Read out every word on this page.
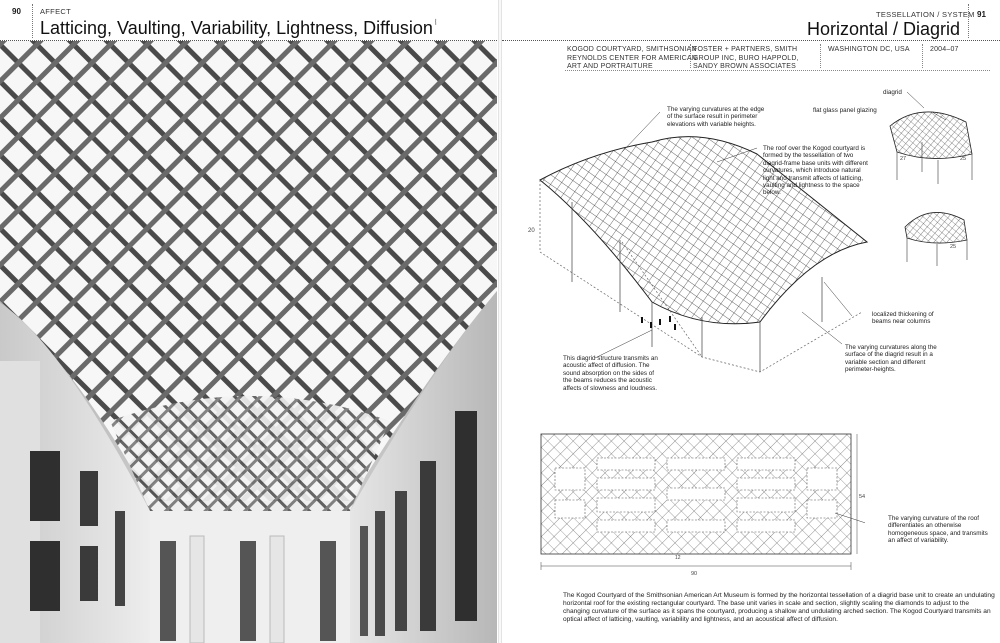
90	AFFECT
Latticing, Vaulting, Variability, Lightness, Diffusion ⦚
TESSELLATION / SYSTEM
Horizontal / Diagrid
91
KOGOD COURTYARD, SMITHSONIAN REYNOLDS CENTER FOR AMERICAN ART AND PORTRAITURE
FOSTER + PARTNERS, SMITH GROUP INC, BURO HAPPOLD, SANDY BROWN ASSOCIATES
WASHINGTON DC, USA	2004–07
20
27	25
25
The varying curvatures at the edge of the surface result in perimeter elevations with variable heights.
The roof over the Kogod courtyard is formed by the tessellation of two diagrid-frame base units with different curvatures, which introduce natural light and transmit affects of latticing, vaulting and lightness to the space below.
diagrid
flat glass panel glazing
localized thickening of beams near columns
The varying curvatures along the surface of the diagrid result in a variable section and different perimeter-heights.
This diagrid structure transmits an acoustic affect of diffusion. The sound absorption on the sides of the beams reduces the acoustic affects of slowness and loudness.
90
12
54
The varying curvature of the roof differentiates an otherwise homogeneous space, and transmits an affect of variability.
The Kogod Courtyard of the Smithsonian American Art Museum is formed by the horizontal tessellation of a diagrid base unit to create an undulating horizontal roof for the existing rectangular courtyard. The base unit varies in scale and section, slightly scaling the diamonds to adjust to the changing curvature of the surface as it spans the courtyard, producing a shallow and undulating arched section. The Kogod Courtyard transmits an optical affect of latticing, vaulting, variability and lightness, and an acoustical affect of diffusion.
